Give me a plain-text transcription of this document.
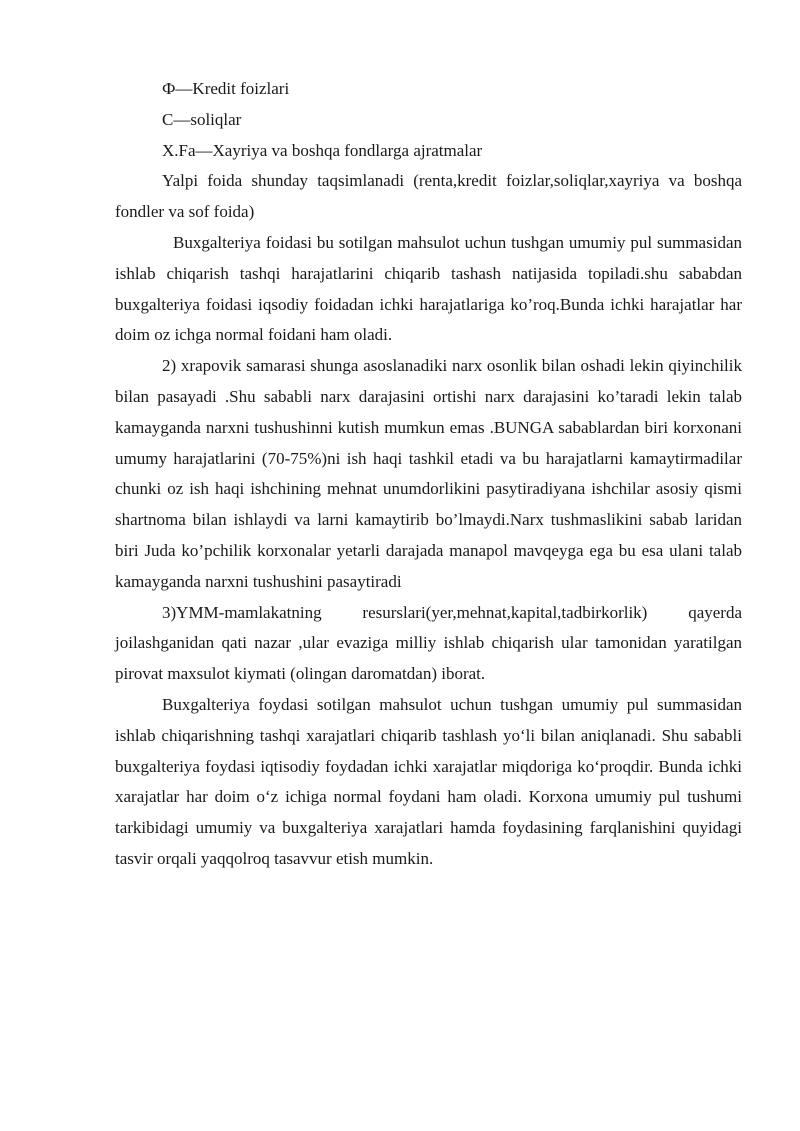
Ф—Kredit foizlari

C—soliqlar

X.Fa—Xayriya va boshqa fondlarga ajratmalar

Yalpi foida shunday taqsimlanadi (renta,kredit foizlar,soliqlar,xayriya va boshqa fondler va sof foida)

Buxgalteriya foidasi bu sotilgan mahsulot uchun tushgan umumiy pul summasidan ishlab chiqarish tashqi harajatlarini chiqarib tashash natijasida topiladi.shu sababdan buxgalteriya foidasi iqsodiy foidadan ichki harajatlariga ko’roq.Bunda ichki harajatlar har doim oz ichga normal foidani ham oladi.

2) xrapovik samarasi shunga asoslanadiki narx osonlik bilan oshadi lekin qiyinchilik bilan pasayadi .Shu sababli narx darajasini ortishi narx darajasini ko’taradi lekin talab kamayganda narxni tushushinni kutish mumkun emas .BUNGA sabablardan biri korxonani umumy harajatlarini (70-75%)ni ish haqi tashkil etadi va bu harajatlarni kamaytirmadilar chunki oz ish haqi ishchining mehnat unumdorlikini pasytiradiyana ishchilar asosiy qismi shartnoma bilan ishlaydi va larni kamaytirib bo’lmaydi.Narx tushmaslikini sabab laridan biri Juda ko’pchilik korxonalar yetarli darajada manapol mavqeyga ega bu esa ulani talab kamayganda narxni tushushini pasaytiradi

3)YMM-mamlakatning resurslari(yer,mehnat,kapital,tadbirkorlik) qayerda joilashganidan qati nazar ,ular evaziga milliy ishlab chiqarish ular tamonidan yaratilgan pirovat maxsulot kiymati (olingan daromatdan) iborat.

Buxgalteriya foydasi sotilgan mahsulot uchun tushgan umumiy pul summasidan ishlab chiqarishning tashqi xarajatlari chiqarib tashlash yo‘li bilan aniqlanadi. Shu sababli buxgalteriya foydasi iqtisodiy foydadan ichki xarajatlar miqdoriga ko‘proqdir. Bunda ichki xarajatlar har doim o‘z ichiga normal foydani ham oladi. Korxona umumiy pul tushumi tarkibidagi umumiy va buxgalteriya xarajatlari hamda foydasining farqlanishini quyidagi tasvir orqali yaqqolroq tasavvur etish mumkin.
